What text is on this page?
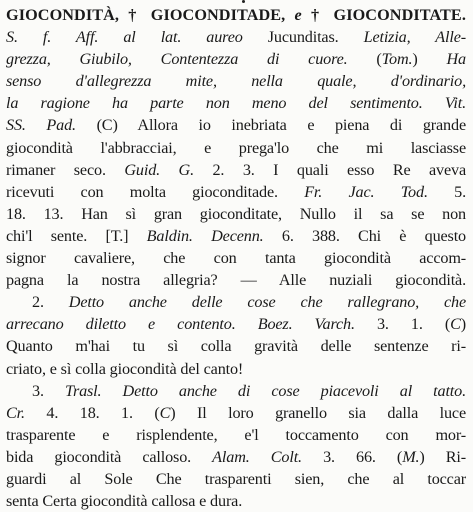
GIOCONDITÀ, † GIOCONDITADE, e † GIOCONDITATE.
S. f. Aff. al lat. aureo Jucunditas. Letizia, Alle-
grezza, Giubilo, Contentezza di cuore. (Tom.) Ha
senso d'allegrezza mite, nella quale, d'ordinario,
la ragione ha parte non meno del sentimento. Vit.
SS. Pad. (C) Allora io inebriata e piena di grande
giocondità l'abbracciai, e prega'lo che mi lasciasse
rimaner seco. Guid. G. 2. 3. I quali esso Re aveva
ricevuti con molta gioconditade. Fr. Jac. Tod. 5.
18. 13. Han sì gran gioconditate, Nullo il sa se non
chi'l sente. [T.] Baldin. Decenn. 6. 388. Chi è questo
signor cavaliere, che con tanta giocondità accom-
pagna la nostra allegria? — Alle nuziali giocondità.
2. Detto anche delle cose che rallegrano, che
arrecano diletto e contento. Boez. Varch. 3. 1. (C)
Quanto m'hai tu sì colla gravità delle sentenze ri-
criato, e sì colla giocondità del canto!
3. Trasl. Detto anche di cose piacevoli al tatto.
Cr. 4. 18. 1. (C) Il loro granello sia dalla luce
trasparente e risplendente, e'l toccamento con mor-
bida giocondità calloso. Alam. Colt. 3. 66. (M.) Ri-
guardi al Sole Che trasparenti sien, che al toccar
senta Certa giocondità callosa e dura.
